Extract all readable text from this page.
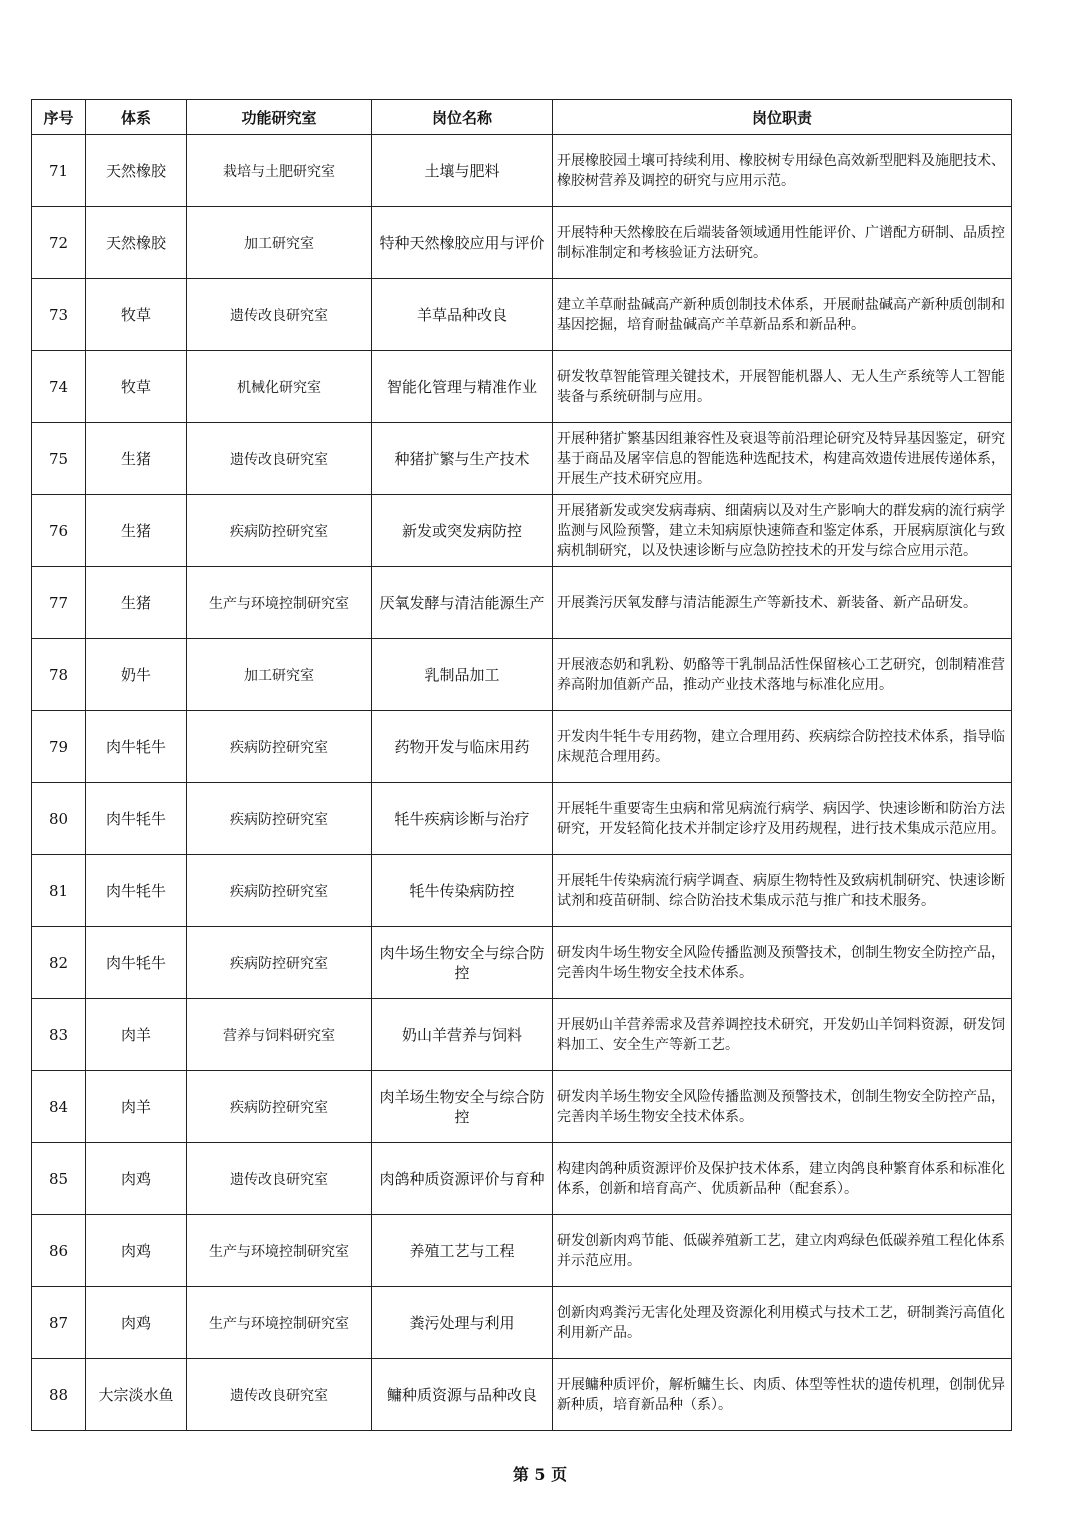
序号	体系	功能研究室	岗位名称	岗位职责
71	天然橡胶	栽培与土肥研究室	土壤与肥料	开展橡胶园土壤可持续利用、橡胶树专用绿色高效新型肥料及施肥技术、橡胶树营养及调控的研究与应用示范。
72	天然橡胶	加工研究室	特种天然橡胶应用与评价	开展特种天然橡胶在后端装备领域通用性能评价、广谱配方研制、品质控制标准制定和考核验证方法研究。
73	牧草	遗传改良研究室	羊草品种改良	建立羊草耐盐碱高产新种质创制技术体系，开展耐盐碱高产新种质创制和基因挖掘，培育耐盐碱高产羊草新品系和新品种。
74	牧草	机械化研究室	智能化管理与精准作业	研发牧草智能管理关键技术，开展智能机器人、无人生产系统等人工智能装备与系统研制与应用。
75	生猪	遗传改良研究室	种猪扩繁与生产技术	开展种猪扩繁基因组兼容性及衰退等前沿理论研究及特异基因鉴定，研究基于商品及屠宰信息的智能选种选配技术，构建高效遗传进展传递体系，开展生产技术研究应用。
76	生猪	疾病防控研究室	新发或突发病防控	开展猪新发或突发病毒病、细菌病以及对生产影响大的群发病的流行病学监测与风险预警，建立未知病原快速筛查和鉴定体系，开展病原演化与致病机制研究，以及快速诊断与应急防控技术的开发与综合应用示范。
77	生猪	生产与环境控制研究室	厌氧发酵与清洁能源生产	开展粪污厌氧发酵与清洁能源生产等新技术、新装备、新产品研发。
78	奶牛	加工研究室	乳制品加工	开展液态奶和乳粉、奶酪等干乳制品活性保留核心工艺研究，创制精准营养高附加值新产品，推动产业技术落地与标准化应用。
79	肉牛牦牛	疾病防控研究室	药物开发与临床用药	开发肉牛牦牛专用药物，建立合理用药、疾病综合防控技术体系，指导临床规范合理用药。
80	肉牛牦牛	疾病防控研究室	牦牛疾病诊断与治疗	开展牦牛重要寄生虫病和常见病流行病学、病因学、快速诊断和防治方法研究，开发轻简化技术并制定诊疗及用药规程，进行技术集成示范应用。
81	肉牛牦牛	疾病防控研究室	牦牛传染病防控	开展牦牛传染病流行病学调查、病原生物特性及致病机制研究、快速诊断试剂和疫苗研制、综合防治技术集成示范与推广和技术服务。
82	肉牛牦牛	疾病防控研究室	肉牛场生物安全与综合防控	研发肉牛场生物安全风险传播监测及预警技术，创制生物安全防控产品，完善肉牛场生物安全技术体系。
83	肉羊	营养与饲料研究室	奶山羊营养与饲料	开展奶山羊营养需求及营养调控技术研究，开发奶山羊饲料资源，研发饲料加工、安全生产等新工艺。
84	肉羊	疾病防控研究室	肉羊场生物安全与综合防控	研发肉羊场生物安全风险传播监测及预警技术，创制生物安全防控产品，完善肉羊场生物安全技术体系。
85	肉鸡	遗传改良研究室	肉鸽种质资源评价与育种	构建肉鸽种质资源评价及保护技术体系，建立肉鸽良种繁育体系和标准化体系，创新和培育高产、优质新品种（配套系）。
86	肉鸡	生产与环境控制研究室	养殖工艺与工程	研发创新肉鸡节能、低碳养殖新工艺，建立肉鸡绿色低碳养殖工程化体系并示范应用。
87	肉鸡	生产与环境控制研究室	粪污处理与利用	创新肉鸡粪污无害化处理及资源化利用模式与技术工艺，研制粪污高值化利用新产品。
88	大宗淡水鱼	遗传改良研究室	鳙种质资源与品种改良	开展鳙种质评价，解析鳙生长、肉质、体型等性状的遗传机理，创制优异新种质，培育新品种（系）。
第 5 页
